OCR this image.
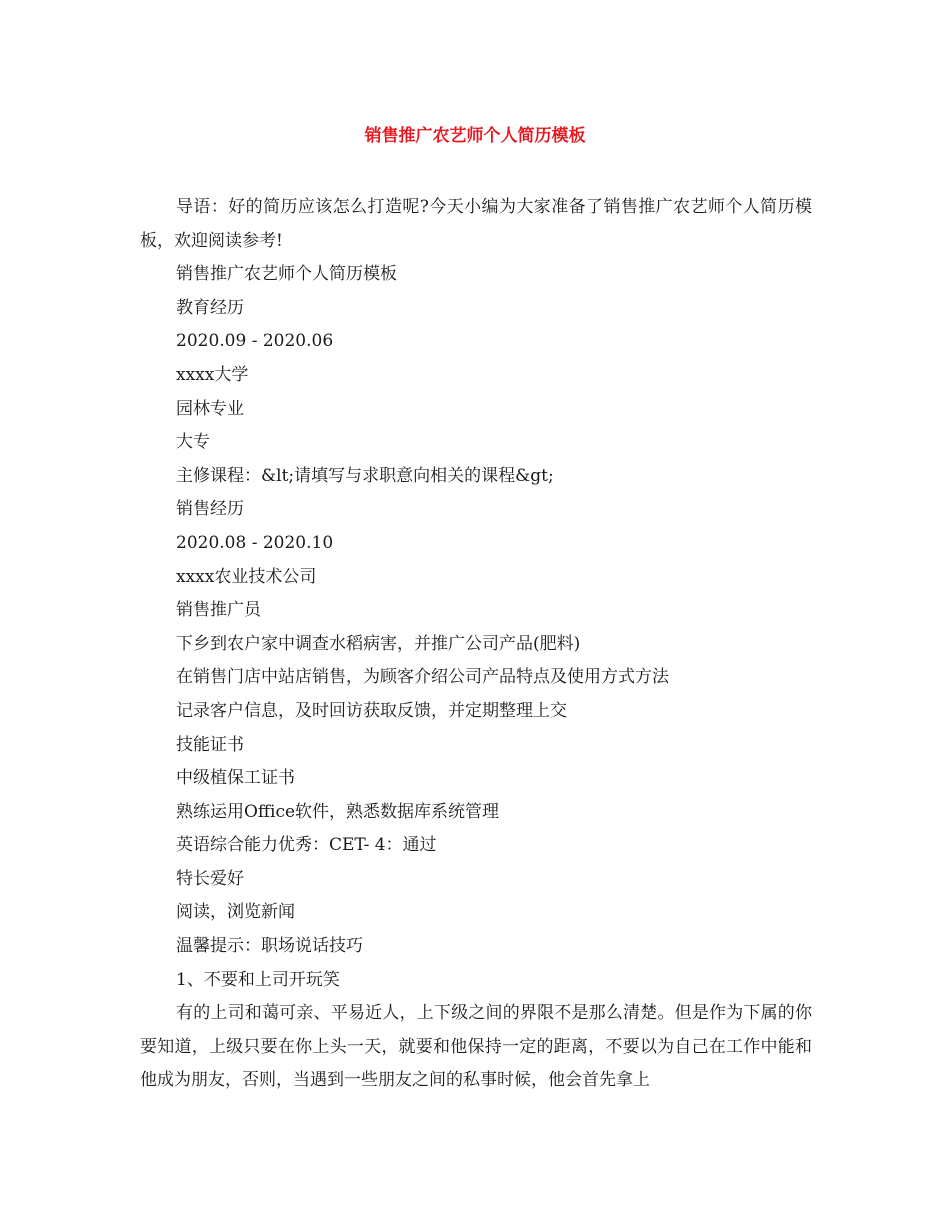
销售推广农艺师个人简历模板

导语：好的简历应该怎么打造呢?今天小编为大家准备了销售推广农艺师个人简历模板，欢迎阅读参考!

销售推广农艺师个人简历模板

教育经历

2020.09 - 2020.06

xxxx大学

园林专业

大专

主修课程：&lt;请填写与求职意向相关的课程&gt;

销售经历

2020.08 - 2020.10

xxxx农业技术公司

销售推广员

下乡到农户家中调查水稻病害，并推广公司产品(肥料)

在销售门店中站店销售，为顾客介绍公司产品特点及使用方式方法

记录客户信息，及时回访获取反馈，并定期整理上交

技能证书

中级植保工证书

熟练运用Office软件，熟悉数据库系统管理

英语综合能力优秀：CET- 4：通过

特长爱好

阅读，浏览新闻

温馨提示：职场说话技巧

1、不要和上司开玩笑

有的上司和蔼可亲、平易近人，上下级之间的界限不是那么清楚。但是作为下属的你要知道，上级只要在你上头一天，就要和他保持一定的距离，不要以为自己在工作中能和他成为朋友，否则，当遇到一些朋友之间的私事时候，他会首先拿上
